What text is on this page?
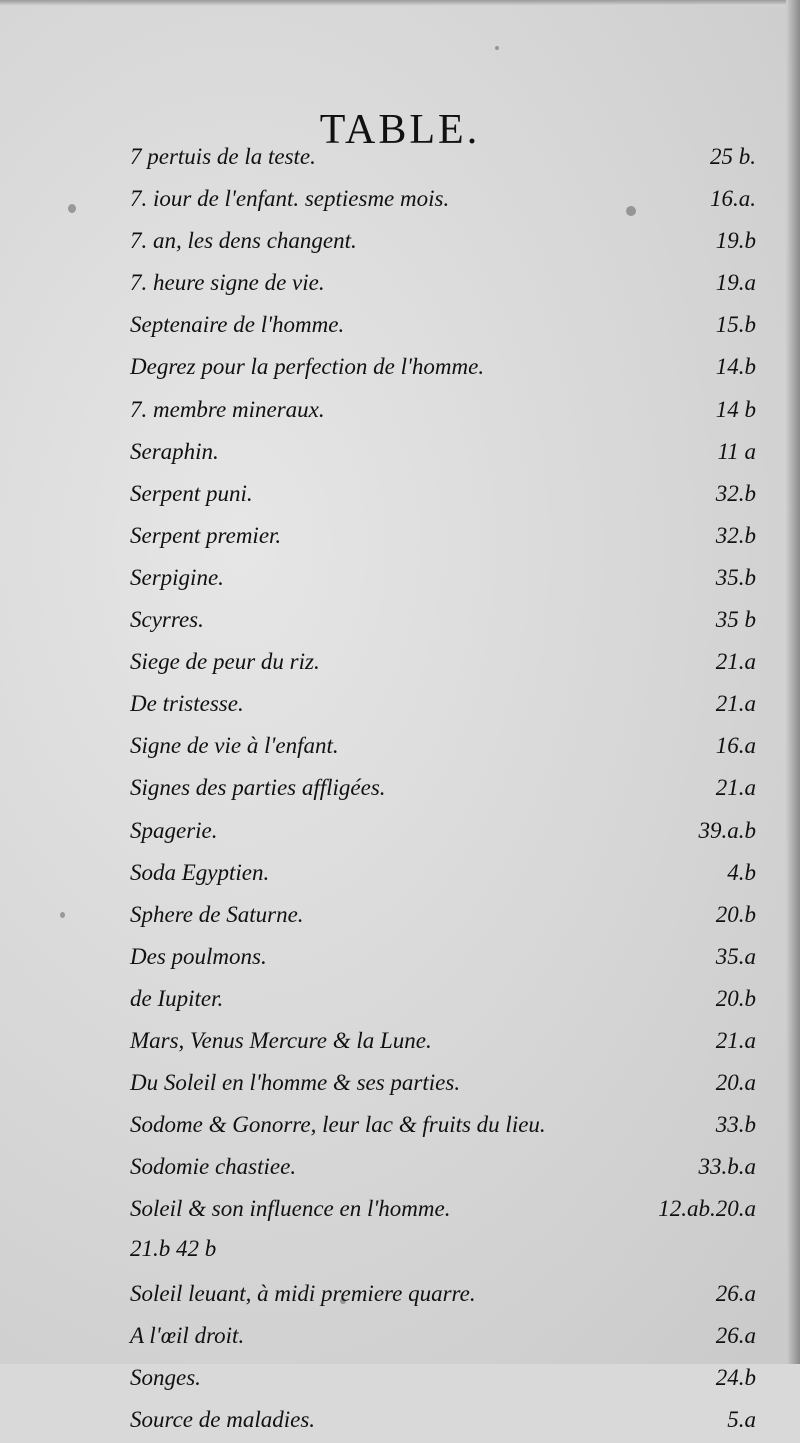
TABLE.
7 pertuis de la teste.	25 b.
7. iour de l'enfant. septiesme mois.	16.a.
7. an, les dens changent.	19.b
7. heure signe de vie.	19.a
Septenaire de l'homme.	15.b
Degrez pour la perfection de l'homme.	14.b
7. membre mineraux.	14 b
Seraphin.	11 a
Serpent puni.	32.b
Serpent premier.	32.b
Serpigine.	35.b
Scyrres.	35 b
Siege de peur du riz.	21.a
De tristesse.	21.a
Signe de vie à l'enfant.	16.a
Signes des parties affligées.	21.a
Spagerie.	39.a.b
Soda Egyptien.	4.b
Sphere de Saturne.	20.b
Des poulmons.	35.a
de Iupiter.	20.b
Mars, Venus Mercure & la Lune.	21.a
Du Soleil en l'homme & ses parties.	20.a
Sodome & Gonorre, leur lac & fruits du lieu.	33.b
Sodomie chastiee.	33.b.a
Soleil & son influence en l'homme.	12.ab.20.a
21.b 42 b
Soleil leuant, à midi premiere quarre.	26.a
A l'œil droit.	26.a
Songes.	24.b
Source de maladies.	5.a
